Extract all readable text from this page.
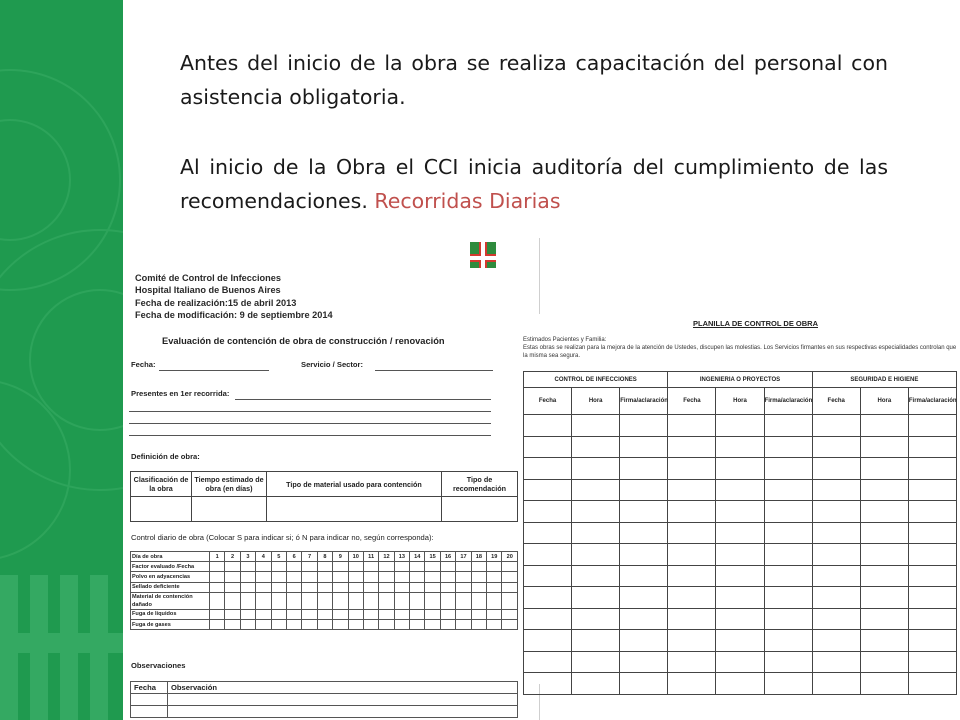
Antes del inicio de la obra se realiza capacitación del personal con asistencia obligatoria.
Al inicio de la Obra el CCI inicia auditoría del cumplimiento de las recomendaciones. Recorridas Diarias
Comité de Control de Infecciones
Hospital Italiano de Buenos Aires
Fecha de realización:15 de abril 2013
Fecha de modificación: 9 de septiembre 2014
Evaluación de contención de obra de construcción / renovación
Fecha:	Servicio / Sector:
Presentes en 1er recorrida:
Definición de obra:
Clasificación de la obra	Tiempo estimado de obra (en días)	Tipo de material usado para contención	Tipo de recomendación

Control diario de obra (Colocar S para indicar si; ó N para indicar no, según corresponda):
Día de obra	1	2	3	4	5	6	7	8	9	10	11	12	13	14	15	16	17	18	19	20
Factor evaluado /Fecha																				
Polvo en adyacencias																				
Sellado deficiente																				
Material de contención dañado																				
Fuga de líquidos																				
Fuga de gases																				
Observaciones
Fecha	Observación

PLANILLA DE CONTROL DE OBRA
Estimados Pacientes y Familia:
Estas obras se realizan para la mejora de la atención de Ustedes, discupen las molestias. Los Servicios firmantes en sus respectivas especialidades controlan que la misma sea segura.
CONTROL DE INFECCIONES			INGENIERIA O PROYECTOS			SEGURIDAD E HIGIENE		
Fecha	Hora	Firma/aclaración	Fecha	Hora	Firma/aclaración	Fecha	Hora	Firma/aclaración
